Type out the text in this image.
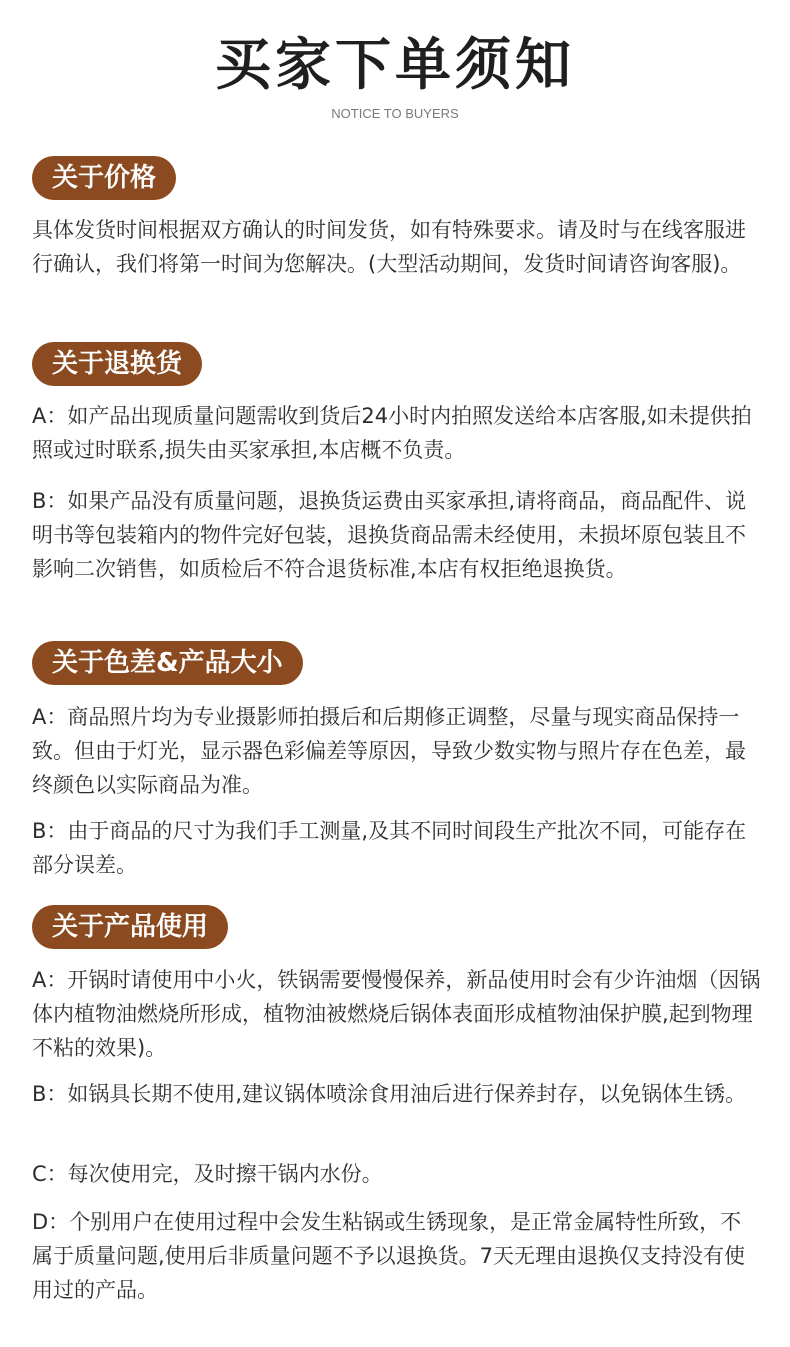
买家下单须知
NOTICE TO BUYERS
关于价格
具体发货时间根据双方确认的时间发货，如有特殊要求。请及时与在线客服进行确认，我们将第一时间为您解决。(大型活动期间，发货时间请咨询客服)。
关于退换货
A：如产品出现质量问题需收到货后24小时内拍照发送给本店客服,如未提供拍照或过时联系,损失由买家承担,本店概不负责。
B：如果产品没有质量问题，退换货运费由买家承担,请将商品，商品配件、说明书等包装箱内的物件完好包装，退换货商品需未经使用，未损坏原包装且不影响二次销售，如质检后不符合退货标准,本店有权拒绝退换货。
关于色差&产品大小
A：商品照片均为专业摄影师拍摄后和后期修正调整，尽量与现实商品保持一致。但由于灯光，显示器色彩偏差等原因，导致少数实物与照片存在色差，最终颜色以实际商品为准。
B：由于商品的尺寸为我们手工测量,及其不同时间段生产批次不同，可能存在部分误差。
关于产品使用
A：开锅时请使用中小火，铁锅需要慢慢保养，新品使用时会有少许油烟（因锅体内植物油燃烧所形成，植物油被燃烧后锅体表面形成植物油保护膜,起到物理不粘的效果)。
B：如锅具长期不使用,建议锅体喷涂食用油后进行保养封存，以免锅体生锈。
C：每次使用完，及时擦干锅内水份。
D：个别用户在使用过程中会发生粘锅或生锈现象，是正常金属特性所致，不属于质量问题,使用后非质量问题不予以退换货。7天无理由退换仅支持没有使用过的产品。
